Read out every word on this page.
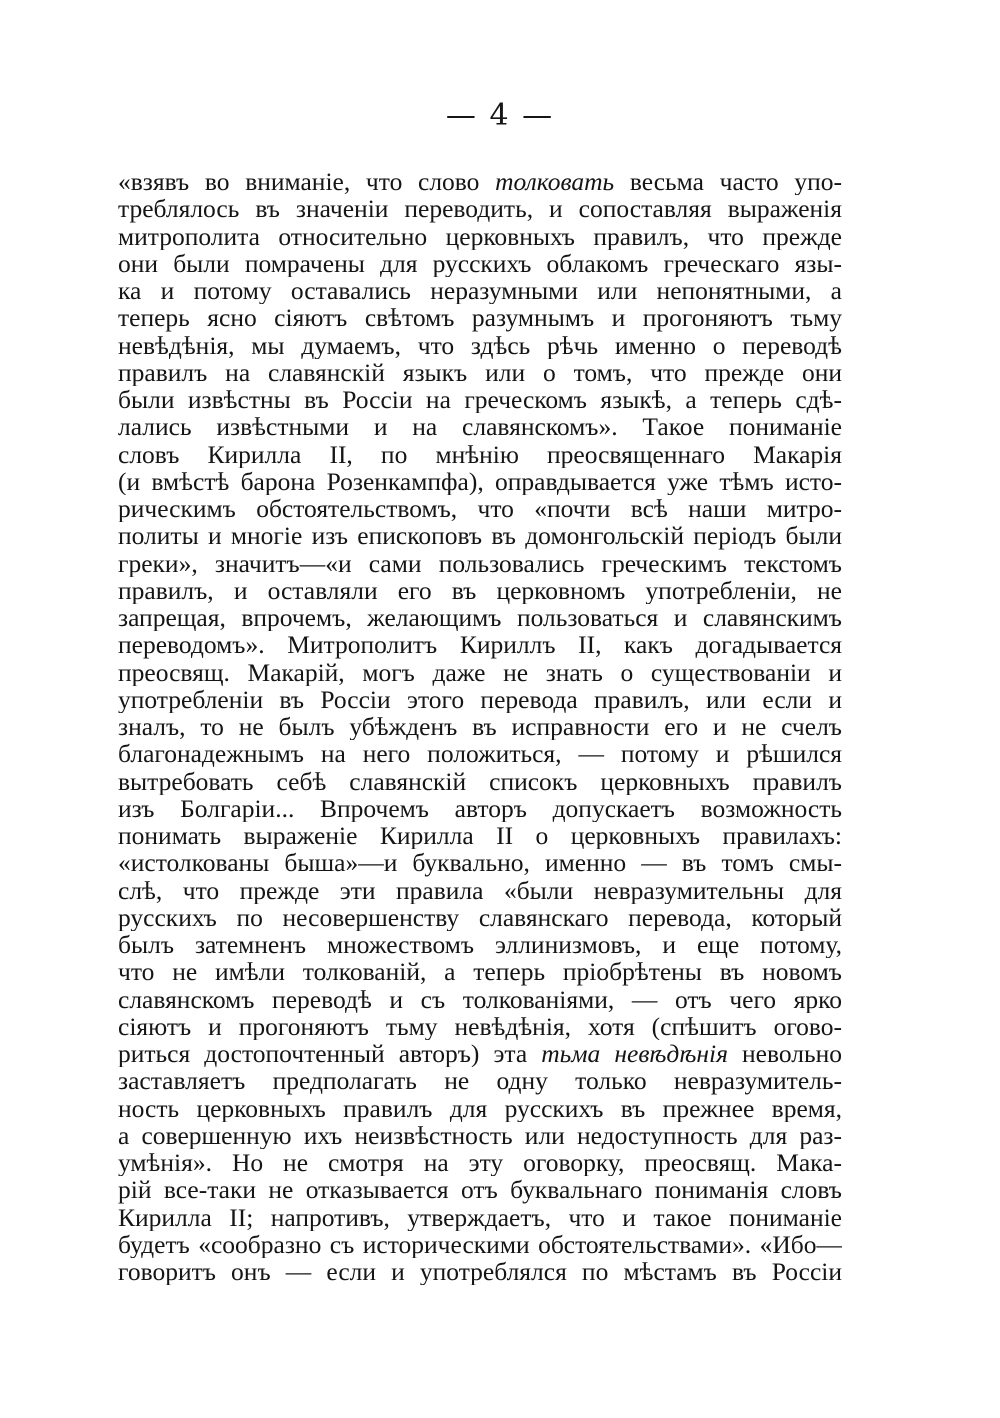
— 4 —
«взявъ во вниманіе, что слово толковать весьма часто упо-
треблялось въ значеніи переводить, и сопоставляя выраженія
митрополита относительно церковныхъ правилъ, что прежде
они были помрачены для русскихъ облакомъ греческаго язы-
ка и потому оставались неразумными или непонятными, а
теперь ясно сіяютъ свѣтомъ разумнымъ и прогоняютъ тьму
невѣдѣнія, мы думаемъ, что здѣсь рѣчь именно о переводѣ
правилъ на славянскій языкъ или о томъ, что прежде они
были извѣстны въ Россіи на греческомъ языкѣ, а теперь сдѣ-
лались извѣстными и на славянскомъ». Такое пониманіе
словъ Кирилла II, по мнѣнію преосвященнаго Макарія
(и вмѣстѣ барона Розенкампфа), оправдывается уже тѣмъ исто-
рическимъ обстоятельствомъ, что «почти всѣ наши митро-
политы и многіе изъ епископовъ въ домонгольскій періодъ были
греки», значитъ—«и сами пользовались греческимъ текстомъ
правилъ, и оставляли его въ церковномъ употребленіи, не
запрещая, впрочемъ, желающимъ пользоваться и славянскимъ
переводомъ». Митрополитъ Кириллъ II, какъ догадывается
преосвящ. Макарій, могъ даже не знать о существованіи и
употребленіи въ Россіи этого перевода правилъ, или если и
зналъ, то не былъ убѣжденъ въ исправности его и не счелъ
благонадежнымъ на него положиться, — потому и рѣшился
вытребовать себѣ славянскій списокъ церковныхъ правилъ
изъ Болгаріи... Впрочемъ авторъ допускаетъ возможность
понимать выраженіе Кирилла II о церковныхъ правилахъ:
«истолкованы быша»—и буквально, именно — въ томъ смы-
слѣ, что прежде эти правила «были невразумительны для
русскихъ по несовершенству славянскаго перевода, который
былъ затемненъ множествомъ эллинизмовъ, и еще потому,
что не имѣли толкованій, а теперь пріобрѣтены въ новомъ
славянскомъ переводѣ и съ толкованіями, — отъ чего ярко
сіяютъ и прогоняютъ тьму невѣдѣнія, хотя (спѣшитъ огово-
риться достопочтенный авторъ) эта тьма невѣдѣнія невольно
заставляетъ предполагать не одну только невразумитель-
ность церковныхъ правилъ для русскихъ въ прежнее время,
а совершенную ихъ неизвѣстность или недоступность для раз-
умѣнія». Но не смотря на эту оговорку, преосвящ. Мака-
рій все-таки не отказывается отъ буквальнаго пониманія словъ
Кирилла II; напротивъ, утверждаетъ, что и такое пониманіе
будетъ «сообразно съ историческими обстоятельствами». «Ибо—
говоритъ онъ — если и употреблялся по мѣстамъ въ Россіи
